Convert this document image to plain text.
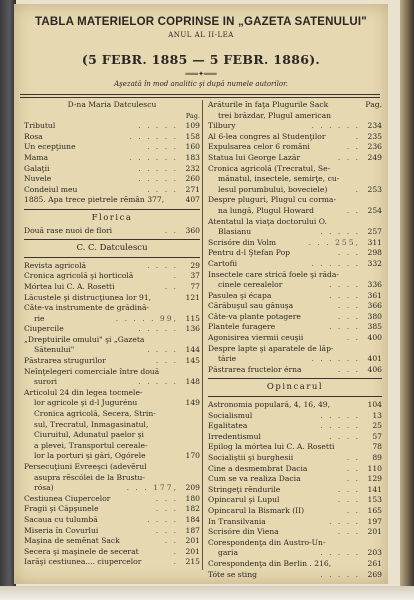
TABLA MATERIELOR COPRINSE IN „GAZETA SATENULUI"
ANUL AL II-LEA
(5 FEBR. 1885 — 5 FEBR. 1886).
═══✦═══
Aşezată în mod analitic şi după numele autorilor.
D-na Maria Datculescu
Pag.
Tributul	. . . . . 109
Rosa	. . . . . . 158
Un ecepţiune	. . . . 160
Mama	. . . . . . 183
Galaţii	. . . . . 232
Nuvele	. . . . . 260
Condeiul meu	. . . . 271
1885. Apa trece pietrele rĕmân 377,	407
Florica
Două rase nuoi de flori	. . 360
C. C. Datculescu
Revista agricolă	. . . .	29
Cronica agricolă şi horticolă	.	37
Mórtea lui C. A. Rosetti	. .	77
Lăcustele şi distrucţiunea lor 91,	121
Câte-va instrumente de grădină-
rie	. . . . . 99, 115
Ciupercile	. . . . . 136
„Dreptuirile omului" şi „Gazeta
Sătenului"	. . . . 144
Păstrarea strugurilor	. . . 145
Neînţelegeri comerciale între două
surori	. . . . . 148
Articolul 24 din legea tocmele-
lor agricole şi d-l Jugurénu	149
Cronica agricolă, Secera, Strin-
sul, Trecratul, Inmagasinatul,
Ciuruitul, Adunatul paelor şi
a plevei, Transportul cereale-
lor la porturi şi gări, Ogórele	170
Persecuţiuni Evreeşci (adevĕrul
asupra rĕscólei de la Brustu-
rósa)	. . . 177, 209
Cestiunea Ciupercelor	. . . 180
Fragii şi Căpşunele	. . . 182
Sacaua cu tulumbă	. . . . 184
Miseria în Covurlui	. . . 187
Maşina de semĕnat Sack	. . 201
Secera şi maşinele de secerat	. 201
Iarăşi cestiunea.... ciupercelor	. 215
Arăturile în faţa Plugurile Sack	Pag.
trei brăzdar, Plugul american
Tilbury	. . . . . . 234
Al 6-lea congres al Studenţilor	. 235
Expulsarea celor 6 români	. . 236
Statua lui George Lazăr	. . . 249
Cronica agricolă (Trecratul, Se-
mănatul, insectele, semirţe, cu-
lesul porumbului, boveciele)	. 253
Despre pluguri, Plugul cu corma-
na lungă, Plugul Howard	. . 254
Atentatul la viaţa doctorului O.
Blasianu	. . . . . 257
Scrisóre din Volm	. . . 255, 311
Pentru d-l Ştefan Pop	. . . 298
Cartofii	. . . . . . 332
Insectele care strică foele şi răda-
cinele cerealelor	. . . . 336
Pasulea şi écapa	. . . . 361
Cărăbuşul sau gânuşa	. . . 366
Câte-va plante potagere	. . . 380
Plantele furagere	. . . . 385
Agonisirea viermii ceuşii	. . 400
Despre lapte şi aparatele de lăp-
tărie	. . . . . . 401
Păstrarea fructelor érna	. . . 406
Opincarul
Astronomia populară, 4, 16, 49,	104
Socialismul	. . . . .	13
Egalitatea	. . . . .	25
Irredentismul	. . . .	57
Epilog la mórtea lui C. A. Rosetti	78
Socialiştii şi burghesii	. .	89
Cine a desmembrat Dacia	. . 110
Cum se va realiza Dacia	. . 129
Stringeţi rĕndurile	. . . 141
Opincarul şi Lupul	. . . 153
Opincarul la Bismark (II)	. . 165
In Transilvania	. . . . 197
Scrisóre din Viena	. . . 201
Corespondenţa din Austro-Un-
garia	. . . . . 203
Corespondenţa din Berlin . 216,	261
Tóte se sting	. . . . . 269
